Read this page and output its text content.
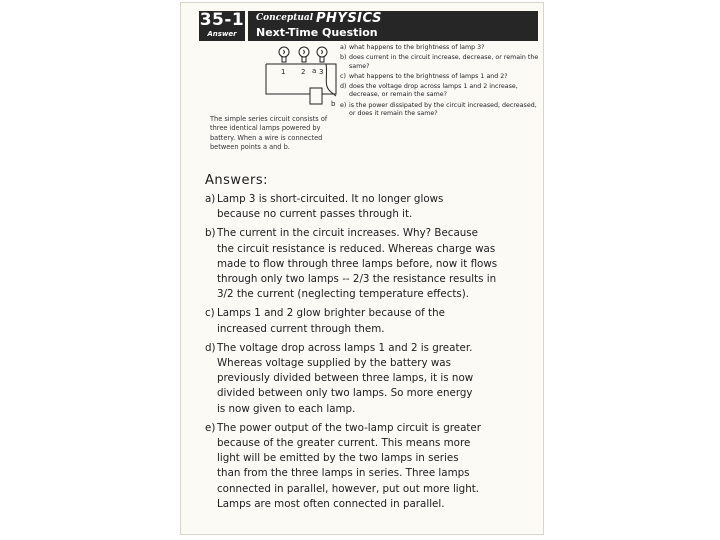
35-1
Answer
Conceptual PHYSICS
Next-Time Question
1 2 3
a
b
The simple series circuit consists of three identical lamps powered by battery. When a wire is connected between points a and b.
a) what happens to the brightness of lamp 3?
b) does current in the circuit increase, decrease, or remain the same?
c) what happens to the brightness of lamps 1 and 2?
d) does the voltage drop across lamps 1 and 2 increase, decrease, or remain the same?
e) is the power dissipated by the circuit increased, decreased, or does it remain the same?
Answers:
a) Lamp 3 is short-circuited. It no longer glows
because no current passes through it.
b) The current in the circuit increases. Why? Because
the circuit resistance is reduced. Whereas charge was
made to flow through three lamps before, now it flows
through only two lamps -- 2/3 the resistance results in
3/2 the current (neglecting temperature effects).
c) Lamps 1 and 2 glow brighter because of the
increased current through them.
d) The voltage drop across lamps 1 and 2 is greater.
Whereas voltage supplied by the battery was
previously divided between three lamps, it is now
divided between only two lamps. So more energy
is now given to each lamp.
e) The power output of the two-lamp circuit is greater
because of the greater current. This means more
light will be emitted by the two lamps in series
than from the three lamps in series. Three lamps
connected in parallel, however, put out more light.
Lamps are most often connected in parallel.
